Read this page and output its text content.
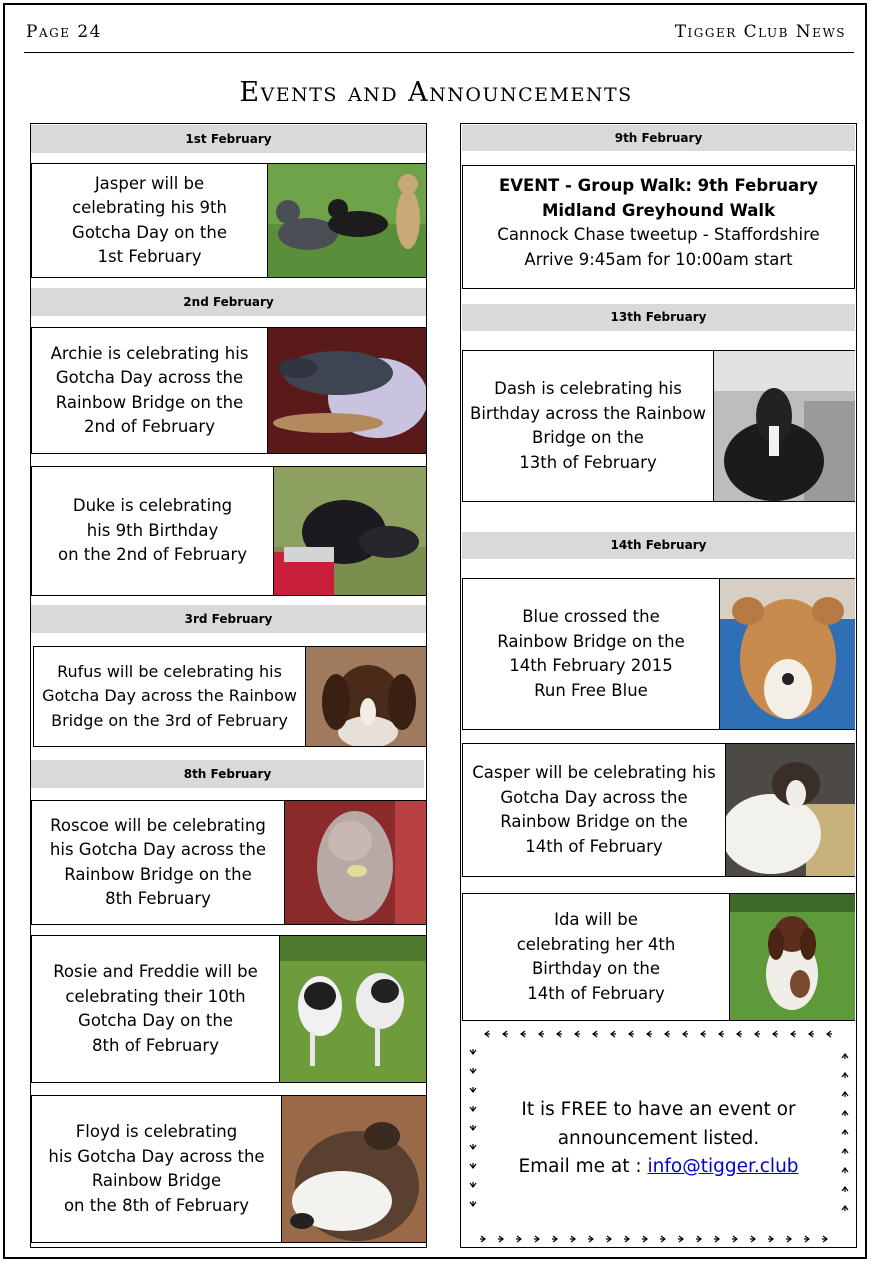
Page 24	Tigger Club News
Events and Announcements
1st February
Jasper will be
celebrating his 9th
Gotcha Day on the
1st February
2nd February
Archie is celebrating his
Gotcha Day across the
Rainbow Bridge on the
2nd of February
Duke is celebrating
his 9th Birthday
on the 2nd of February
3rd February
Rufus will be celebrating his
Gotcha Day across the Rainbow
Bridge on the 3rd of February
8th February
Roscoe will be celebrating
his Gotcha Day across the
Rainbow Bridge on the
8th February
Rosie and Freddie will be
celebrating their 10th
Gotcha Day on the
8th of February
Floyd is celebrating
his Gotcha Day across the
Rainbow Bridge
on the 8th of February
9th February
EVENT - Group Walk: 9th February
Midland Greyhound Walk
Cannock Chase tweetup - Staffordshire
Arrive 9:45am for 10:00am start
13th February
Dash is celebrating his
Birthday across the Rainbow
Bridge on the
13th of February
14th February
Blue crossed the
Rainbow Bridge on the
14th February 2015
Run Free Blue
Casper will be celebrating his
Gotcha Day across the
Rainbow Bridge on the
14th of February
Ida will be
celebrating her 4th
Birthday on the
14th of February
It is FREE to have an event or
announcement listed.
Email me at : info@tigger.club
